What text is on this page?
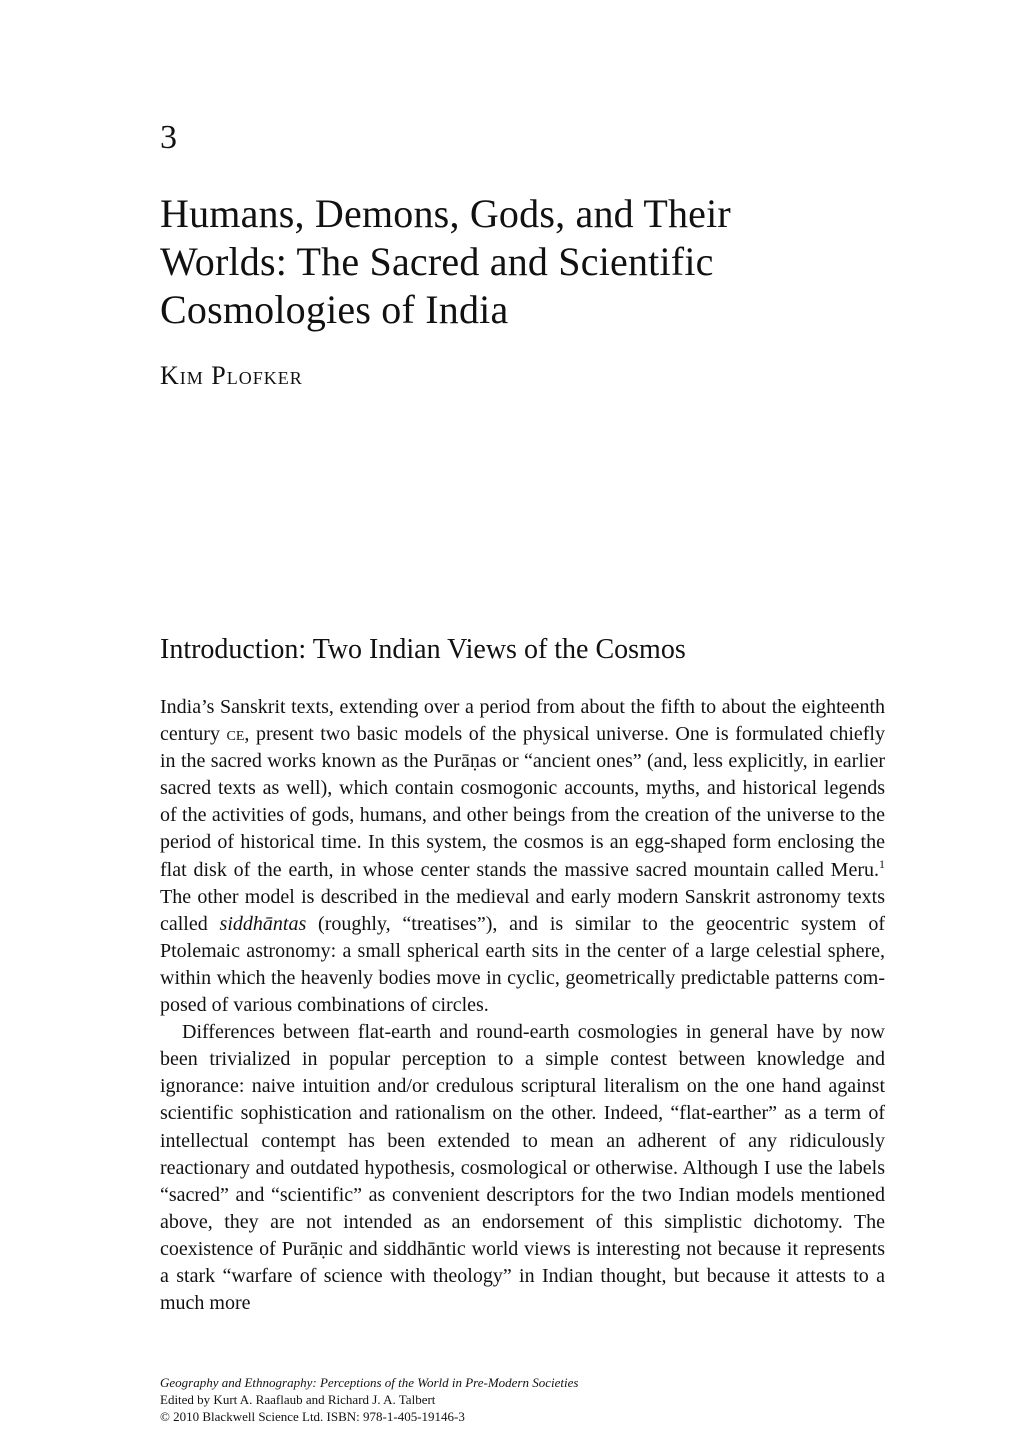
3
Humans, Demons, Gods, and Their Worlds: The Sacred and Scientific Cosmologies of India
Kim Plofker
Introduction: Two Indian Views of the Cosmos

India’s Sanskrit texts, extending over a period from about the fifth to about the eighteenth century ce, present two basic models of the physical universe. One is formulated chiefly in the sacred works known as the Purāṇas or “ancient ones” (and, less explicitly, in earlier sacred texts as well), which contain cosmogonic accounts, myths, and historical legends of the activities of gods, humans, and other beings from the creation of the universe to the period of historical time. In this system, the cosmos is an egg-shaped form enclosing the flat disk of the earth, in whose center stands the massive sacred mountain called Meru.$^1$ The other model is described in the medieval and early modern Sanskrit astronomy texts called siddhāntas (roughly, “treatises”), and is similar to the geocentric system of Ptolemaic astronomy: a small spherical earth sits in the center of a large celestial sphere, within which the heavenly bodies move in cyclic, geometrically predictable patterns composed of various combinations of circles.

Differences between flat-earth and round-earth cosmologies in general have by now been trivialized in popular perception to a simple contest between knowledge and ignorance: naive intuition and/or credulous scriptural literalism on the one hand against scientific sophistication and rationalism on the other. Indeed, “flat-earther” as a term of intellectual contempt has been extended to mean an adherent of any ridiculously reactionary and outdated hypothesis, cosmological or otherwise. Although I use the labels “sacred” and “scientific” as convenient descriptors for the two Indian models mentioned above, they are not intended as an endorsement of this simplistic dichotomy. The coexistence of Purāṇic and siddhāntic world views is interesting not because it represents a stark “warfare of science with theology” in Indian thought, but because it attests to a much more

Geography and Ethnography: Perceptions of the World in Pre-Modern Societies
Edited by Kurt A. Raaflaub and Richard J. A. Talbert
© 2010 Blackwell Science Ltd. ISBN: 978-1-405-19146-3
